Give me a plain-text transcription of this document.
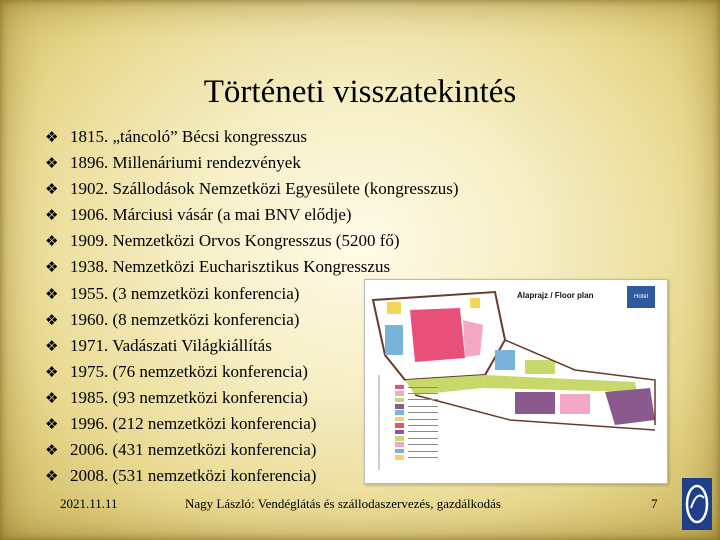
Történeti visszatekintés
❖ 1815. „táncoló” Bécsi kongresszus
❖ 1896. Millenáriumi rendezvények
❖ 1902. Szállodások Nemzetközi Egyesülete (kongresszus)
❖ 1906. Márciusi vásár (a mai BNV elődje)
❖ 1909. Nemzetközi Orvos Kongresszus (5200 fő)
❖ 1938. Nemzetközi Eucharisztikus Kongresszus
❖ 1955. (3 nemzetközi konferencia)
❖ 1960. (8 nemzetközi konferencia)
❖ 1971. Vadászati Világkiállítás
❖ 1975. (76 nemzetközi konferencia)
❖ 1985. (93 nemzetközi konferencia)
❖ 1996. (212 nemzetközi konferencia)
❖ 2006. (431 nemzetközi konferencia)
❖ 2008. (531 nemzetközi konferencia)
Alaprajz / Floor plan	Hotel
2021.11.11	Nagy László: Vendéglátás és szállodaszervezés, gazdálkodás	7
